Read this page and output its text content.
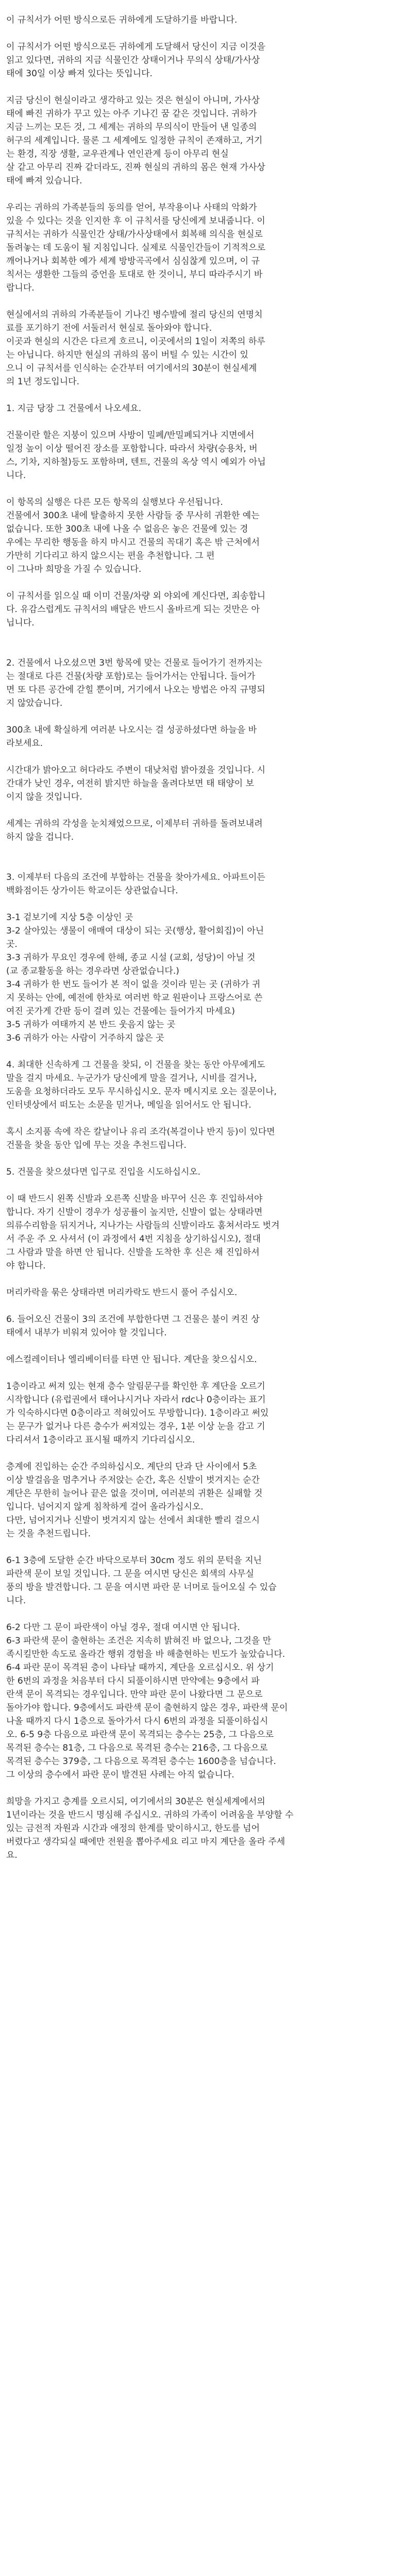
이 규칙서가 어떤 방식으로든 귀하에게 도달하기를 바랍니다.
이 규칙서가 어떤 방식으로든 귀하에게 도달해서 당신이 지금 이것을
읽고 있다면, 귀하의 지금 식물인간 상태이거나 무의식 상태/가사상
태에 30일 이상 빠져 있다는 뜻입니다.
지금 당신이 현실이라고 생각하고 있는 것은 현실이 아니며, 가사상
태에 빠진 귀하가 꾸고 있는 아주 기나긴 꿈 같은 것입니다. 귀하가
지금 느끼는 모든 것, 그 세계는 귀하의 무의식이 만들어 낸 일종의
허구의 세계입니다. 물론 그 세계에도 일정한 규칙이 존재하고, 거기
는 환경, 직장 생활, 교우관계나 연인관계 등이 아무리 현실
살 같고 아무리 진짜 같더라도, 진짜 현실의 귀하의 몸은 현재 가사상
태에 빠져 있습니다.
우리는 귀하의 가족분들의 동의를 얻어, 부작용이나 사태의 악화가
있을 수 있다는 것을 인지한 후 이 규칙서를 당신에게 보내줍니다. 이
규칙서는 귀하가 식물인간 상태/가사상태에서 회복해 의식을 현실로
돌려놓는 데 도움이 될 지침입니다. 실제로 식물인간들이 기적적으로
깨어나거나 회복한 예가 세계 방방곡곡에서 심심찮게 있으며, 이 규
칙서는 생환한 그들의 증언을 토대로 한 것이니, 부디 따라주시기 바
랍니다.
현실에서의 귀하의 가족분들이 기나긴 병수발에 절리 당신의 연명치
료를 포기하기 전에 서둘러서 현실로 돌아와야 합니다.
이곳과 현실의 시간은 다르게 흐르니, 이곳에서의 1일이 저쪽의 하루
는 아닙니다. 하지만 현실의 귀하의 몸이 버틸 수 있는 시간이 있
으니 이 규칙서를 인식하는 순간부터 여기에서의 30분이 현실세계
의 1년 정도입니다.
1. 지금 당장 그 건물에서 나오세요.
건물이란 할은 지붕이 있으며 사방이 밀폐/반밀폐되거나 지면에서
일정 높이 이상 떨어진 장소를 포함합니다. 따라서 차량(승용차, 버
스, 기차, 지하철)등도 포함하며, 텐트, 건물의 옥상 역시 예외가 아닙
니다.
이 항목의 실행은 다른 모든 항목의 실행보다 우선됩니다.
건물에서 300초 내에 탈출하지 못한 사람들 중 무사히 귀환한 예는
없습니다. 또한 300초 내에 나올 수 없음은 놓은 건물에 있는 경
우에는 무리한 행동을 하지 마시고 건물의 꼭대기 혹은 밖 근처에서
가만히 기다리고 하지 않으시는 편을 추천합니다. 그 편
이 그나마 희망을 가질 수 있습니다.
이 규칙서를 읽으실 때 이미 건물/차량 외 야외에 계신다면, 죄송합니
다. 유감스럽게도 규칙서의 배달은 반드시 올바르게 되는 것만은 아
닙니다.
2. 건물에서 나오셨으면 3번 항목에 맞는 건물로 들어가기 전까지는
는 절대로 다른 건물(차량 포함)로는 들어가서는 안됩니다. 들어가
면 또 다른 공간에 갇힐 뿐이며, 거기에서 나오는 방법은 아직 규명되
지 않았습니다.
300초 내에 확실하게 여러분 나오시는 걸 성공하셨다면 하늘을 바
라보세요.
시간대가 밝아오고 허다라도 주변이 대낮처럼 밝아졌을 것입니다. 시
간대가 낮인 경우, 여전히 밝지만 하늘을 올려다보면 태 태양이 보
이지 않을 것입니다.
세계는 귀하의 각성을 눈치채었으므로, 이제부터 귀하를 돌려보내려
하지 않을 겁니다.
3. 이제부터 다음의 조건에 부합하는 건물을 찾아가세요. 아파트이든
백화점이든 상가이든 학교이든 상관없습니다.
3-1 겉보기에 지상 5층 이상인 곳
3-2 살아있는 생물이 애매여 대상이 되는 곳(행상, 활어회집)이 아닌
곳.
3-3 귀하가 무요인 경우에 한해, 종교 시설 (교회, 성당)이 아닐 것
(교 종교활동을 하는 경우라면 상관없습니다.)
3-4 귀하가 한 번도 들어가 본 적이 없을 것이라 믿는 곳 (귀하가 귀
지 못하는 안에, 예전에 한차로 여러번 학교 원판이나 프랑스어로 쓴
여진 곳가게 간판 등이 걸려 있는 건물에는 들어가지 마세요)
3-5 귀하가 여태까지 본 반드 웃음지 않는 곳
3-6 귀하가 아는 사람이 거주하지 않은 곳
4. 최대한 신속하게 그 건물을 찾되, 이 건물을 찾는 동안 아무에게도
말을 걸지 마세요. 누군가가 당신에게 말을 걸거나, 시비를 걸거나,
도움을 요청하더라도 모두 무시하십시오. 문자 메시지로 오는 질문이나,
인터넷상에서 떠도는 소문을 믿거나, 메일을 읽어서도 안 됩니다.
혹시 소지품 속에 작은 칼날이나 유리 조각(복걸이나 반지 등)이 있다면
건물을 찾을 동안 입에 무는 것을 추천드립니다.
5. 건물을 찾으셨다면 입구로 진입을 시도하십시오.
이 때 반드시 왼쪽 신발과 오른쪽 신발을 바꾸어 신은 후 진입하셔야
합니다. 자기 신발이 경우가 성공률이 높지만, 신발이 없는 상태라면
의류수리함을 뒤지거나, 지나가는 사람들의 신발이라도 훔쳐서라도 벗겨
서 주운 주 오 사셔서 (이 과정에서 4번 지침을 상기하십시오), 절대
그 사람과 말을 하면 안 됩니다. 신발을 도착한 후 신은 채 진입하셔
야 합니다.
머리카락을 묶은 상태라면 머리카락도 반드시 풀어 주십시오.
6. 들어오신 건물이 3의 조건에 부합한다면 그 건물은 불이 켜진 상
태에서 내부가 비워져 있어야 할 것입니다.
에스컬레이터나 엘리베이터를 타면 안 됩니다. 계단을 찾으십시오.
1층이라고 써져 있는 현재 층수 알림문구를 확인한 후 계단을 오르기
시작합니다 (유럽권에서 태어나시거나 자라서 rdc나 0층이라는 표기
가 익숙하시다면 0층이라고 적혀있어도 무방합니다). 1층이라고 써있
는 문구가 없거나 다른 층수가 써져있는 경우, 1분 이상 눈을 감고 기
다리셔서 1층이라고 표시될 때까지 기다리십시오.
층계에 진입하는 순간 주의하십시오. 계단의 단과 단 사이에서 5초
이상 발걸음을 멈추거나 주저앉는 순간, 혹은 신발이 벗겨지는 순간
계단은 무한히 늘어나 끝은 없을 것이며, 여러분의 귀환은 실패할 것
입니다. 넘어지지 않게 침착하게 걸어 올라가십시오.
다만, 넘어지거나 신발이 벗겨지지 않는 선에서 최대한 빨리 걸으시
는 것을 추천드립니다.
6-1 3층에 도달한 순간 바닥으로부터 30cm 정도 위의 문턱을 지닌
파란색 문이 보일 것입니다. 그 문을 여시면 당신은 회색의 사무실
풍의 방을 발견합니다. 그 문을 여시면 파란 문 너머로 들어오실 수 있습
니다.
6-2 다만 그 문이 파란색이 아닐 경우, 절대 여시면 안 됩니다.
6-3 파란색 문이 출현하는 조건은 지속히 밝혀진 바 없으나, 그것을 만
족시킬만한 속도로 올라간 행위 경험을 바 해출현하는 빈도가 높았습니다.
6-4 파란 문이 목격된 층이 나타날 때까지, 계단을 오르십시오. 위 상기
한 6번의 과정을 처음부터 다시 되풀이하시면 만약에는 9층에서 파
란색 문이 목격되는 경우입니다. 만약 파란 문이 나왔다면 그 문으로
돌아가야 합니다. 9층에서도 파란색 문이 출현하지 않은 경우, 파란색 문이
나올 때까지 다시 1층으로 돌아가서 다시 6번의 과정을 되풀이하십시
오. 6-5 9층 다음으로 파란색 문이 목격되는 층수는 25층, 그 다음으로
목격된 층수는 81층, 그 다음으로 목격된 층수는 216층, 그 다음으로
목격된 층수는 379층, 그 다음으로 목격된 층수는 1600층을 넘습니다.
그 이상의 층수에서 파란 문이 발견된 사례는 아직 없습니다.
희망을 가지고 층계를 오르시되, 여기에서의 30분은 현실세계에서의
1년이라는 것을 반드시 명심해 주십시오. 귀하의 가족이 어려움을 부양할 수
있는 금전적 자원과 시간과 애정의 한계를 맞이하시고, 한도를 넘어
버렸다고 생각되실 때에만 전원을 뽑아주세요 리고 마지 계단을 올라 주세
요.
